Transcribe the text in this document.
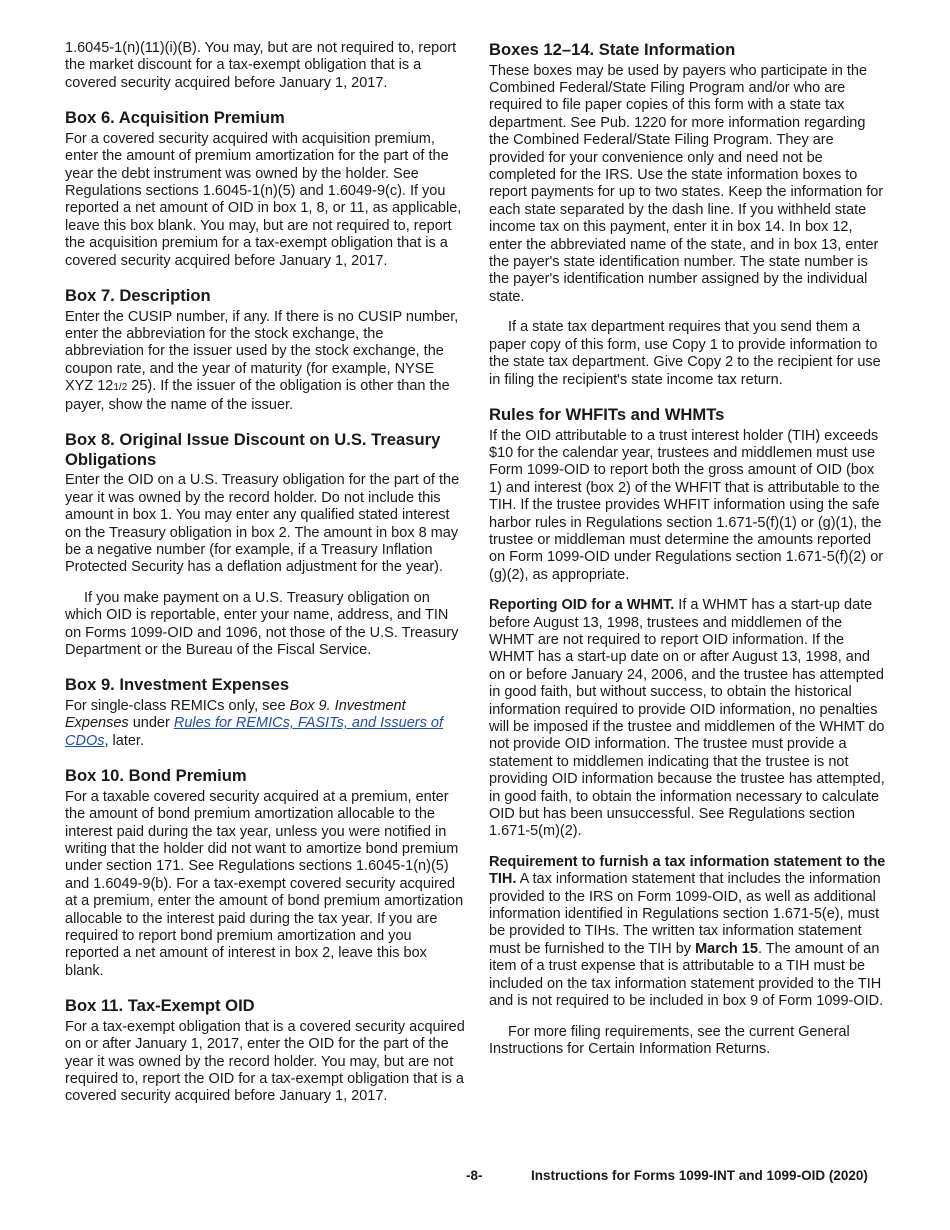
1.6045-1(n)(11)(i)(B). You may, but are not required to, report the market discount for a tax-exempt obligation that is a covered security acquired before January 1, 2017.

Box 6. Acquisition Premium

For a covered security acquired with acquisition premium, enter the amount of premium amortization for the part of the year the debt instrument was owned by the holder. See Regulations sections 1.6045-1(n)(5) and 1.6049-9(c). If you reported a net amount of OID in box 1, 8, or 11, as applicable, leave this box blank. You may, but are not required to, report the acquisition premium for a tax-exempt obligation that is a covered security acquired before January 1, 2017.

Box 7. Description

Enter the CUSIP number, if any. If there is no CUSIP number, enter the abbreviation for the stock exchange, the abbreviation for the issuer used by the stock exchange, the coupon rate, and the year of maturity (for example, NYSE XYZ 121/2 25). If the issuer of the obligation is other than the payer, show the name of the issuer.

Box 8. Original Issue Discount on U.S. Treasury Obligations

Enter the OID on a U.S. Treasury obligation for the part of the year it was owned by the record holder. Do not include this amount in box 1. You may enter any qualified stated interest on the Treasury obligation in box 2. The amount in box 8 may be a negative number (for example, if a Treasury Inflation Protected Security has a deflation adjustment for the year).

If you make payment on a U.S. Treasury obligation on which OID is reportable, enter your name, address, and TIN on Forms 1099-OID and 1096, not those of the U.S. Treasury Department or the Bureau of the Fiscal Service.

Box 9. Investment Expenses

For single-class REMICs only, see Box 9. Investment Expenses under Rules for REMICs, FASITs, and Issuers of CDOs, later.

Box 10. Bond Premium

For a taxable covered security acquired at a premium, enter the amount of bond premium amortization allocable to the interest paid during the tax year, unless you were notified in writing that the holder did not want to amortize bond premium under section 171. See Regulations sections 1.6045-1(n)(5) and 1.6049-9(b). For a tax-exempt covered security acquired at a premium, enter the amount of bond premium amortization allocable to the interest paid during the tax year. If you are required to report bond premium amortization and you reported a net amount of interest in box 2, leave this box blank.

Box 11. Tax-Exempt OID

For a tax-exempt obligation that is a covered security acquired on or after January 1, 2017, enter the OID for the part of the year it was owned by the record holder. You may, but are not required to, report the OID for a tax-exempt obligation that is a covered security acquired before January 1, 2017.

Boxes 12–14. State Information

These boxes may be used by payers who participate in the Combined Federal/State Filing Program and/or who are required to file paper copies of this form with a state tax department. See Pub. 1220 for more information regarding the Combined Federal/State Filing Program. They are provided for your convenience only and need not be completed for the IRS. Use the state information boxes to report payments for up to two states. Keep the information for each state separated by the dash line. If you withheld state income tax on this payment, enter it in box 14. In box 12, enter the abbreviated name of the state, and in box 13, enter the payer's state identification number. The state number is the payer's identification number assigned by the individual state.

If a state tax department requires that you send them a paper copy of this form, use Copy 1 to provide information to the state tax department. Give Copy 2 to the recipient for use in filing the recipient's state income tax return.

Rules for WHFITs and WHMTs

If the OID attributable to a trust interest holder (TIH) exceeds $10 for the calendar year, trustees and middlemen must use Form 1099-OID to report both the gross amount of OID (box 1) and interest (box 2) of the WHFIT that is attributable to the TIH. If the trustee provides WHFIT information using the safe harbor rules in Regulations section 1.671-5(f)(1) or (g)(1), the trustee or middleman must determine the amounts reported on Form 1099-OID under Regulations section 1.671-5(f)(2) or (g)(2), as appropriate.

Reporting OID for a WHMT. If a WHMT has a start-up date before August 13, 1998, trustees and middlemen of the WHMT are not required to report OID information. If the WHMT has a start-up date on or after August 13, 1998, and on or before January 24, 2006, and the trustee has attempted in good faith, but without success, to obtain the historical information required to provide OID information, no penalties will be imposed if the trustee and middlemen of the WHMT do not provide OID information. The trustee must provide a statement to middlemen indicating that the trustee is not providing OID information because the trustee has attempted, in good faith, to obtain the information necessary to calculate OID but has been unsuccessful. See Regulations section 1.671-5(m)(2).

Requirement to furnish a tax information statement to the TIH. A tax information statement that includes the information provided to the IRS on Form 1099-OID, as well as additional information identified in Regulations section 1.671-5(e), must be provided to TIHs. The written tax information statement must be furnished to the TIH by March 15. The amount of an item of a trust expense that is attributable to a TIH must be included on the tax information statement provided to the TIH and is not required to be included in box 9 of Form 1099-OID.

For more filing requirements, see the current General Instructions for Certain Information Returns.

-8-	Instructions for Forms 1099-INT and 1099-OID (2020)
